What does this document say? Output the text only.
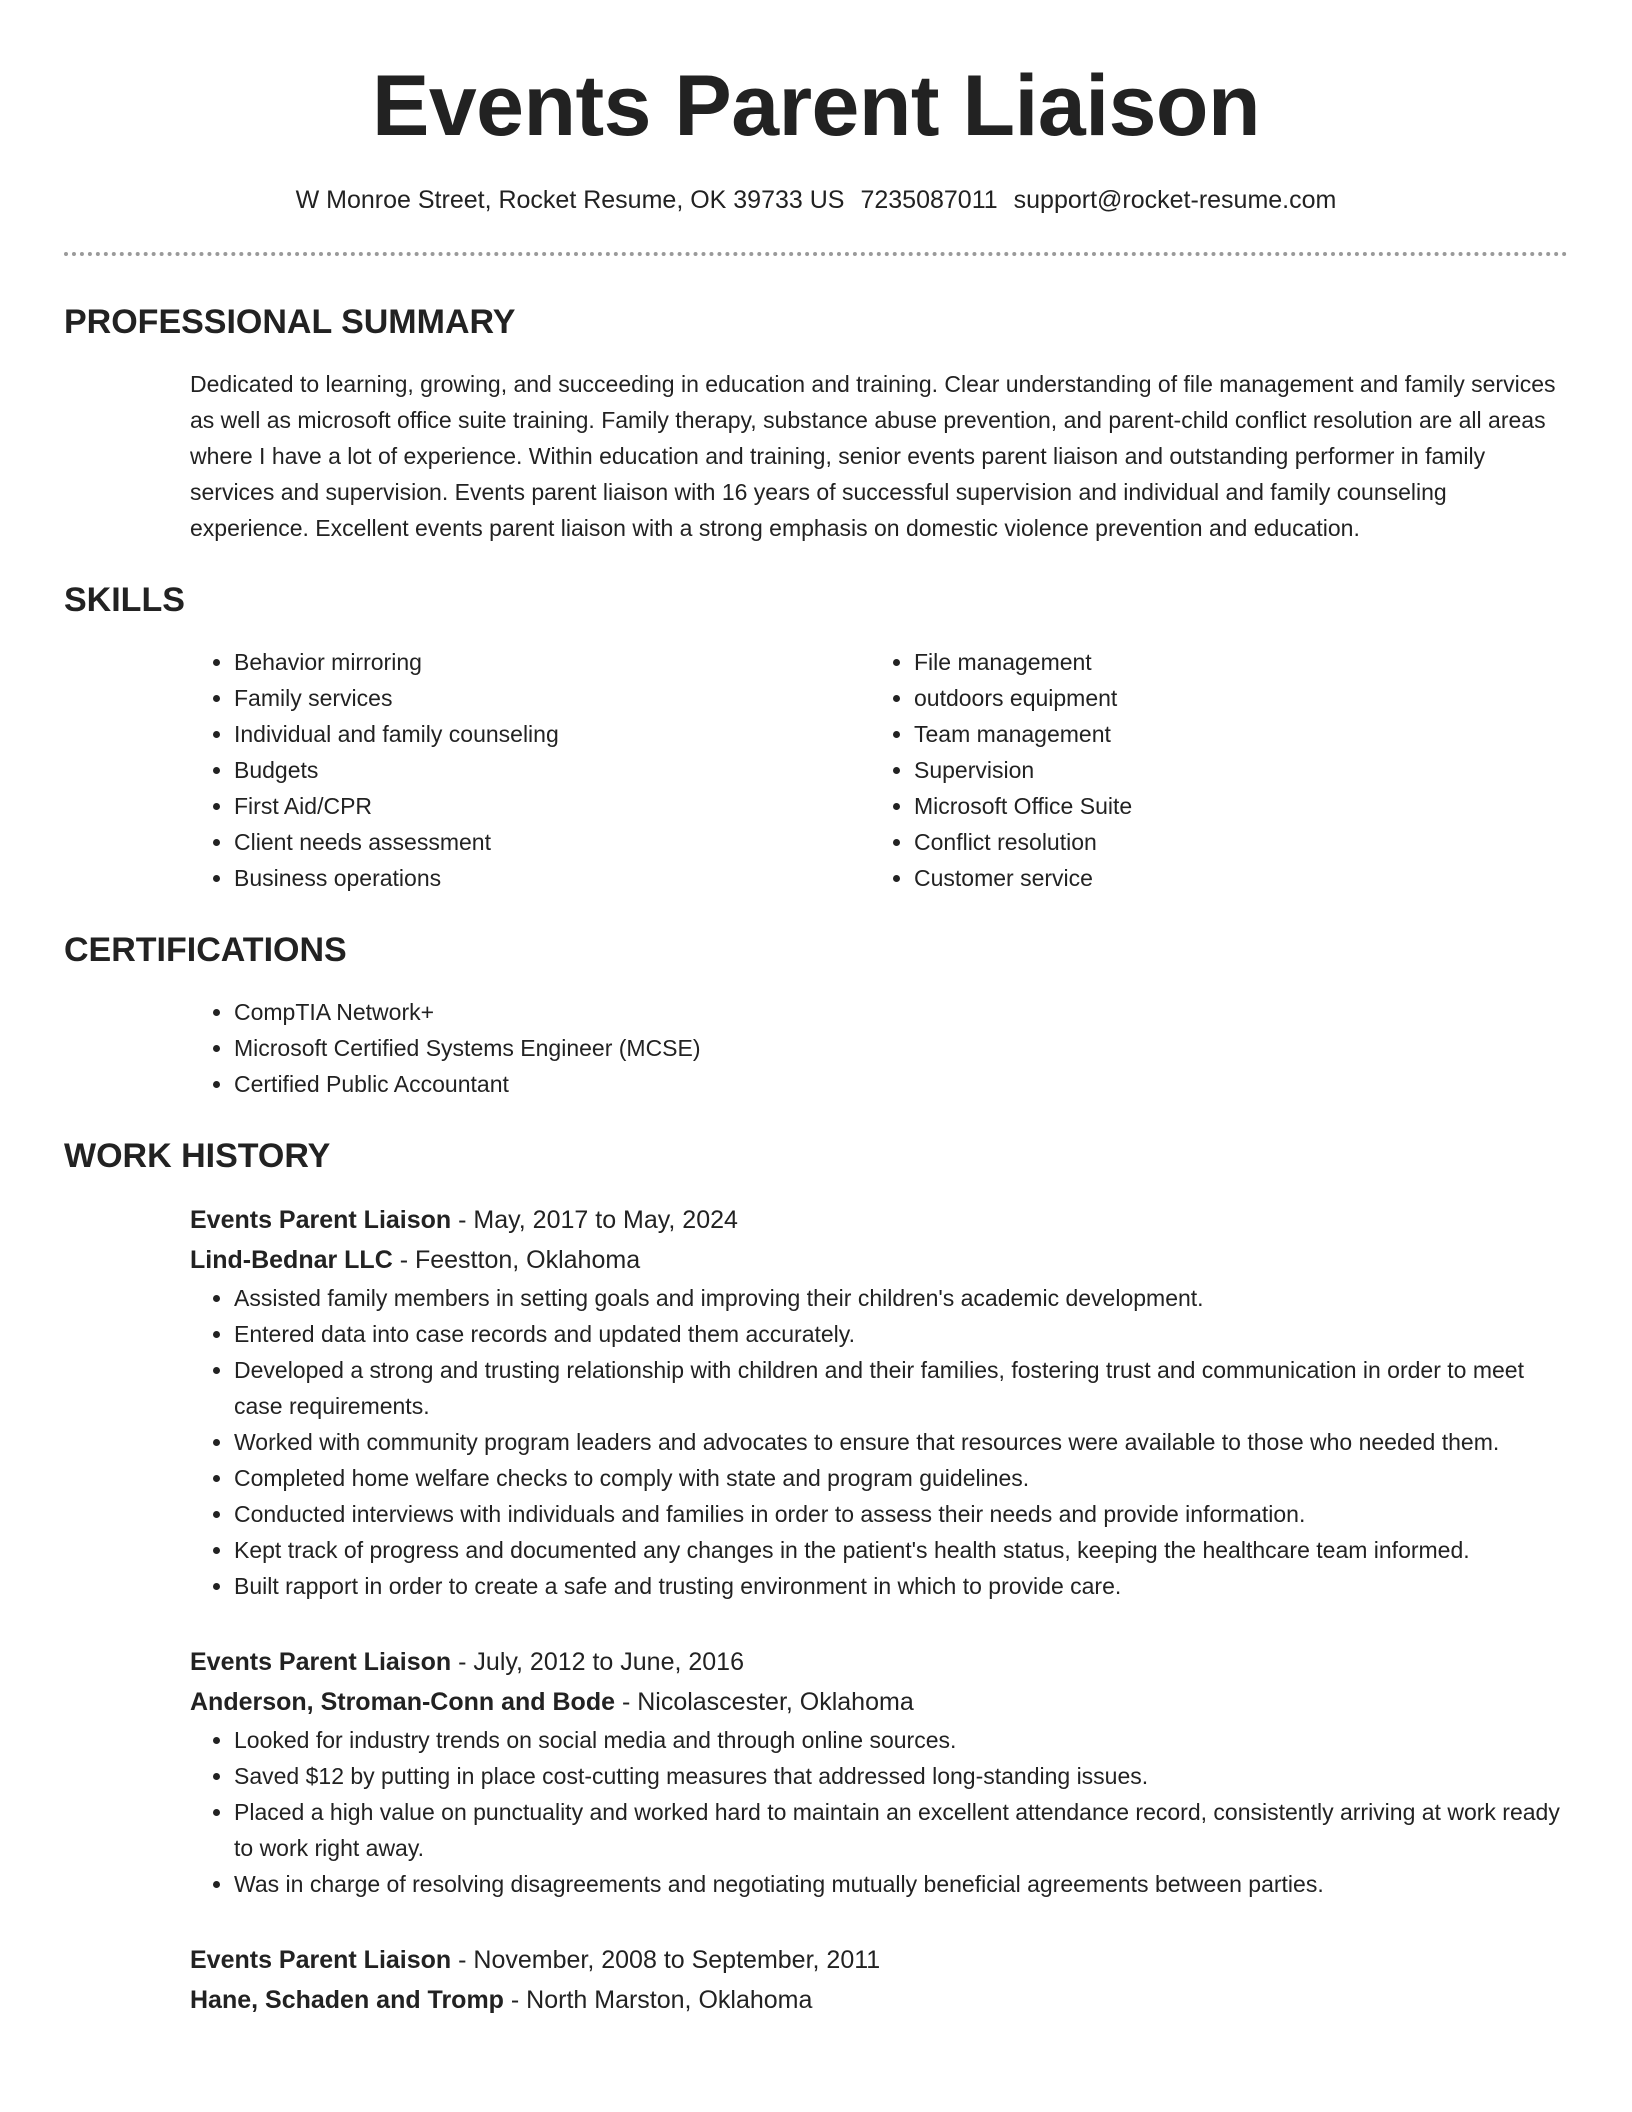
Events Parent Liaison
W Monroe Street, Rocket Resume, OK 39733 US 7235087011 support@rocket-resume.com
PROFESSIONAL SUMMARY
Dedicated to learning, growing, and succeeding in education and training. Clear understanding of file management and family services as well as microsoft office suite training. Family therapy, substance abuse prevention, and parent-child conflict resolution are all areas where I have a lot of experience. Within education and training, senior events parent liaison and outstanding performer in family services and supervision. Events parent liaison with 16 years of successful supervision and individual and family counseling experience. Excellent events parent liaison with a strong emphasis on domestic violence prevention and education.
SKILLS
• Behavior mirroring
• Family services
• Individual and family counseling
• Budgets
• First Aid/CPR
• Client needs assessment
• Business operations
• File management
• outdoors equipment
• Team management
• Supervision
• Microsoft Office Suite
• Conflict resolution
• Customer service
CERTIFICATIONS
• CompTIA Network+
• Microsoft Certified Systems Engineer (MCSE)
• Certified Public Accountant
WORK HISTORY
Events Parent Liaison - May, 2017 to May, 2024
Lind-Bednar LLC - Feestton, Oklahoma
• Assisted family members in setting goals and improving their children's academic development.
• Entered data into case records and updated them accurately.
• Developed a strong and trusting relationship with children and their families, fostering trust and communication in order to meet case requirements.
• Worked with community program leaders and advocates to ensure that resources were available to those who needed them.
• Completed home welfare checks to comply with state and program guidelines.
• Conducted interviews with individuals and families in order to assess their needs and provide information.
• Kept track of progress and documented any changes in the patient's health status, keeping the healthcare team informed.
• Built rapport in order to create a safe and trusting environment in which to provide care.
Events Parent Liaison - July, 2012 to June, 2016
Anderson, Stroman-Conn and Bode - Nicolascester, Oklahoma
• Looked for industry trends on social media and through online sources.
• Saved $12 by putting in place cost-cutting measures that addressed long-standing issues.
• Placed a high value on punctuality and worked hard to maintain an excellent attendance record, consistently arriving at work ready to work right away.
• Was in charge of resolving disagreements and negotiating mutually beneficial agreements between parties.
Events Parent Liaison - November, 2008 to September, 2011
Hane, Schaden and Tromp - North Marston, Oklahoma
